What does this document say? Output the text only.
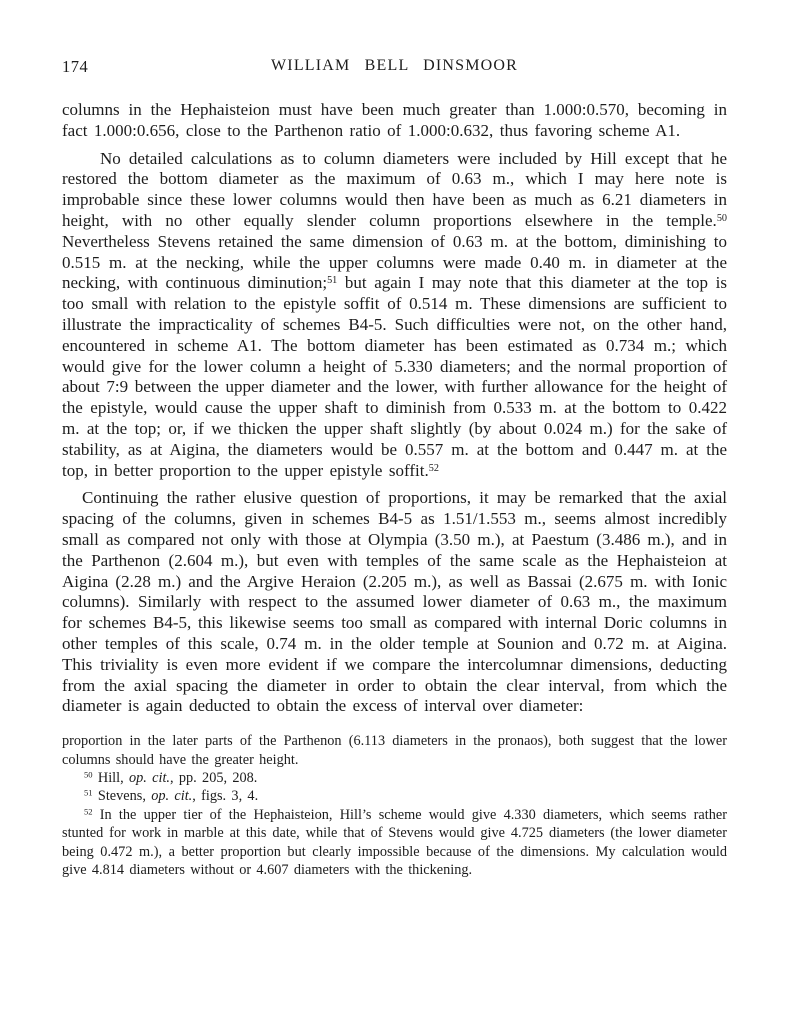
174	WILLIAM BELL DINSMOOR

columns in the Hephaisteion must have been much greater than 1.000:0.570, becoming in fact 1.000:0.656, close to the Parthenon ratio of 1.000:0.632, thus favoring scheme A1.

No detailed calculations as to column diameters were included by Hill except that he restored the bottom diameter as the maximum of 0.63 m., which I may here note is improbable since these lower columns would then have been as much as 6.21 diameters in height, with no other equally slender column proportions elsewhere in the temple.$^{50}$ Nevertheless Stevens retained the same dimension of 0.63 m. at the bottom, diminishing to 0.515 m. at the necking, while the upper columns were made 0.40 m. in diameter at the necking, with continuous diminution;$^{51}$ but again I may note that this diameter at the top is too small with relation to the epistyle soffit of 0.514 m. These dimensions are sufficient to illustrate the impracticality of schemes B4-5. Such difficulties were not, on the other hand, encountered in scheme A1. The bottom diameter has been estimated as 0.734 m.; which would give for the lower column a height of 5.330 diameters; and the normal proportion of about 7:9 between the upper diameter and the lower, with further allowance for the height of the epistyle, would cause the upper shaft to diminish from 0.533 m. at the bottom to 0.422 m. at the top; or, if we thicken the upper shaft slightly (by about 0.024 m.) for the sake of stability, as at Aigina, the diameters would be 0.557 m. at the bottom and 0.447 m. at the top, in better proportion to the upper epistyle soffit.$^{52}$

Continuing the rather elusive question of proportions, it may be remarked that the axial spacing of the columns, given in schemes B4-5 as 1.51/1.553 m., seems almost incredibly small as compared not only with those at Olympia (3.50 m.), at Paestum (3.486 m.), and in the Parthenon (2.604 m.), but even with temples of the same scale as the Hephaisteion at Aigina (2.28 m.) and the Argive Heraion (2.205 m.), as well as Bassai (2.675 m. with Ionic columns). Similarly with respect to the assumed lower diameter of 0.63 m., the maximum for schemes B4-5, this likewise seems too small as compared with internal Doric columns in other temples of this scale, 0.74 m. in the older temple at Sounion and 0.72 m. at Aigina. This triviality is even more evident if we compare the intercolumnar dimensions, deducting from the axial spacing the diameter in order to obtain the clear interval, from which the diameter is again deducted to obtain the excess of interval over diameter:

proportion in the later parts of the Parthenon (6.113 diameters in the pronaos), both suggest that the lower columns should have the greater height.

$^{50}$ Hill, op. cit., pp. 205, 208.

$^{51}$ Stevens, op. cit., figs. 3, 4.

$^{52}$ In the upper tier of the Hephaisteion, Hill’s scheme would give 4.330 diameters, which seems rather stunted for work in marble at this date, while that of Stevens would give 4.725 diameters (the lower diameter being 0.472 m.), a better proportion but clearly impossible because of the dimensions. My calculation would give 4.814 diameters without or 4.607 diameters with the thickening.
